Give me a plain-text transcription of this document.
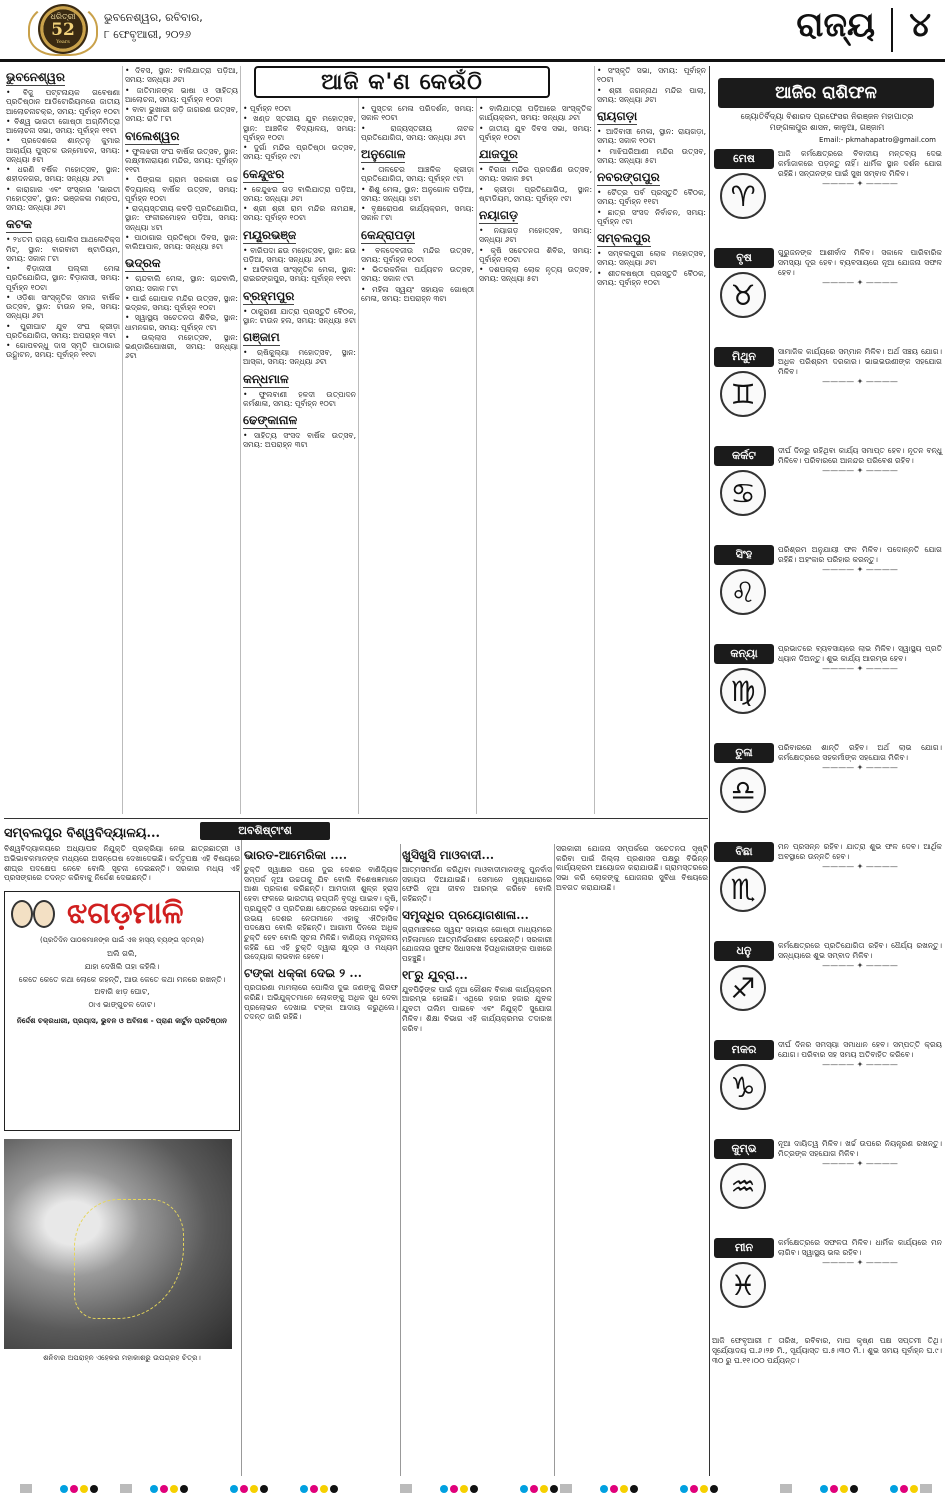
ଧରିତ୍ରୀ
52
Years
ଭୁବନେଶ୍ୱର, ରବିବାର,
୮ ଫେବୃଆରୀ, ୨୦୨୬	ରାଜ୍ୟ ୪
ଭୁବନେଶ୍ୱର
• ବିଜୁ ପଟ୍ଟନାୟକ ଗବେଷଣା ପ୍ରତିଷ୍ଠାନ ଆଡିଟୋରିୟମରେ ଜାତୀୟ ଆଲୋଚନାଚକ୍ର, ସମୟ: ପୂର୍ବାହ୍ନ ୧୦ଟା
• ବିଶ୍ୱ ଭାରତୀ ଗୋଷ୍ଠୀ ଅଗ୍ନିମିତ୍ରା ଆଲୋଚନା ସଭା, ସମୟ: ପୂର୍ବାହ୍ନ ୧୧ଟା
• ପ୍ରଦେଶରେ ଶାନ୍ତନୁ କୁମାର ଆଚାର୍ଯ୍ୟ ପୁସ୍ତକ ଉନ୍ମୋଚନ, ସମୟ: ସନ୍ଧ୍ୟା ୫ଟା
• ଧରଣି ବର୍ଷିକ ମହୋତ୍ସବ, ସ୍ଥାନ: ଶହୀଦନଗର, ସମୟ: ସନ୍ଧ୍ୟା ୬ଟା
• କାରାଗାର ଏବଂ ସଂସ୍କାର 'ଭାରତୀ ମହୋତ୍ସବ', ସ୍ଥାନ: ଭଞ୍ଜକଳା ମଣ୍ଡପ, ସମୟ: ସନ୍ଧ୍ୟା ୬ଟା
କଟକ
• ୨୪ତମ ରାଜ୍ୟ ପୋଲିସ ଆଥଲେଟିକ୍ସ ମିଟ୍, ସ୍ଥାନ: ବାରବାଟୀ ଷ୍ଟାଡିୟମ, ସମୟ: ସକାଳ ୮ଟା
• ବିଡ଼ାନାସୀ ପଲ୍ଲୀ ମେଳା ପ୍ରତିଯୋଗିତା, ସ୍ଥାନ: ବିଡ଼ାନାସୀ, ସମୟ: ପୂର୍ବାହ୍ନ ୧୦ଟା
• ଓଡ଼ିଶା ସାଂସ୍କୃତିକ ସମାଜ ବାର୍ଷିକ ଉତ୍ସବ, ସ୍ଥାନ: ଟାଉନ ହଲ, ସମୟ: ସନ୍ଧ୍ୟା ୬ଟା
• ପୁରୀଘାଟ ଯୁବ ସଂଘ କ୍ରୀଡ଼ା ପ୍ରତିଯୋଗିତା, ସମୟ: ଅପରାହ୍ନ ୩ଟା
• ଗୋପବନ୍ଧୁ ଦାସ ସ୍ମୃତି ପାଠାଗାର ଉଦ୍ଘାଟନ, ସମୟ: ପୂର୍ବାହ୍ନ ୧୧ଟା
• ଦିବସ, ସ୍ଥାନ: ବାଲିଯାତ୍ରା ପଡ଼ିଆ, ସମୟ: ସନ୍ଧ୍ୟା ୬ଟା
• ଜାତିମାନଙ୍କ ଭାଷା ଓ ସାହିତ୍ୟ ଆଲୋଚନା, ସମୟ: ପୂର୍ବାହ୍ନ ୧୦ଟା
• ବାବା ଭୁଖାରୀ ଗଡ଼ି ଜାଗରଣ ଉତ୍ସବ, ସମୟ: ରାତି ୮ଟା
ବାଲେଶ୍ୱର
• ଫୁଲଝରୀ ସଂଘ ବାର୍ଷିକ ଉତ୍ସବ, ସ୍ଥାନ: ଲକ୍ଷ୍ମୀନାରାୟଣ ମନ୍ଦିର, ସମୟ: ପୂର୍ବାହ୍ନ ୧୧ଟା
• ପିଙ୍ଗଳା ଗ୍ରାମ ସରକାରୀ ଉଚ୍ଚ ବିଦ୍ୟାଳୟ ବାର୍ଷିକ ଉତ୍ସବ, ସମୟ: ପୂର୍ବାହ୍ନ ୧୦ଟା
• ରାଜ୍ୟସ୍ତରୀୟ କବଡ଼ି ପ୍ରତିଯୋଗିତା, ସ୍ଥାନ: ଫକୀରମୋହନ ପଡ଼ିଆ, ସମୟ: ସନ୍ଧ୍ୟା ୪ଟା
• ପାଠାଗାର ପ୍ରତିଷ୍ଠା ଦିବସ, ସ୍ଥାନ: ବାଲିଆପାଳ, ସମୟ: ସନ୍ଧ୍ୟା ୫ଟା
ଭଦ୍ରକ
• ଚାନ୍ଦବାଲି ମେଳା, ସ୍ଥାନ: ଚାନ୍ଦବାଲି, ସମୟ: ସକାଳ ୮ଟା
• ପାଇଁ ଗୋପାଳ ମନ୍ଦିର ଉତ୍ସବ, ସ୍ଥାନ: ଭଦ୍ରକ, ସମୟ: ପୂର୍ବାହ୍ନ ୧୦ଟା
• ସ୍ୱାସ୍ଥ୍ୟ ସଚେତନତା ଶିବିର, ସ୍ଥାନ: ଧାମନଗର, ସମୟ: ପୂର୍ବାହ୍ନ ୯ଟା
• ଉଲ୍ଲାସ ମହୋତ୍ସବ, ସ୍ଥାନ: ଭଣ୍ଡାରିପୋଖରୀ, ସମୟ: ସନ୍ଧ୍ୟା ୬ଟା
• ପୂର୍ବାହ୍ନ ୧୦ଟା
• ଖଣ୍ଡ ସ୍ତରୀୟ ଯୁବ ମହୋତ୍ସବ, ସ୍ଥାନ: ଆଞ୍ଚଳିକ ବିଦ୍ୟାଳୟ, ସମୟ: ପୂର୍ବାହ୍ନ ୧୦ଟା
• ଦୁର୍ଗା ମନ୍ଦିର ପ୍ରତିଷ୍ଠା ଉତ୍ସବ, ସମୟ: ପୂର୍ବାହ୍ନ ୯ଟା
କେନ୍ଦୁଝର
• କେନ୍ଦୁଝର ଗଡ଼ ବାଲିଯାତ୍ରା ପଡ଼ିଆ, ସମୟ: ସନ୍ଧ୍ୟା ୬ଟା
• ଶ୍ରୀ ଶ୍ରୀ ରାମ ମନ୍ଦିର ନାମଯଜ୍ଞ, ସମୟ: ପୂର୍ବାହ୍ନ ୧୦ଟା
ମୟୂରଭଞ୍ଜ
• ବାରିପଦା ଛଉ ମହୋତ୍ସବ, ସ୍ଥାନ: ଛଉ ପଡ଼ିଆ, ସମୟ: ସନ୍ଧ୍ୟା ୬ଟା
• ଆଦିବାସୀ ସାଂସ୍କୃତିକ ମେଳା, ସ୍ଥାନ: ରାଇରଙ୍ଗପୁର, ସମୟ: ପୂର୍ବାହ୍ନ ୧୧ଟା
ବ୍ରହ୍ମପୁର
• ଠାକୁରାଣୀ ଯାତ୍ରା ପ୍ରସ୍ତୁତି ବୈଠକ, ସ୍ଥାନ: ଟାଉନ ହଲ, ସମୟ: ସନ୍ଧ୍ୟା ୫ଟା
ଗଞ୍ଜାମ
• ଋଷିକୁଲ୍ୟା ମହୋତ୍ସବ, ସ୍ଥାନ: ଆସ୍କା, ସମୟ: ସନ୍ଧ୍ୟା ୬ଟା
କନ୍ଧମାଳ
• ଫୁଲବାଣୀ ହଳଦୀ ଉତ୍ପାଦନ କର୍ମଶାଳା, ସମୟ: ପୂର୍ବାହ୍ନ ୧୦ଟା
ଢେଙ୍କାନାଳ
• ସାହିତ୍ୟ ସଂସଦ ବାର୍ଷିକ ଉତ୍ସବ, ସମୟ: ଅପରାହ୍ନ ୩ଟା
• ପୁସ୍ତକ ମେଳା ପରିଦର୍ଶନ, ସମୟ: ସକାଳ ୧୦ଟା
• ରାଜ୍ୟସ୍ତରୀୟ ନାଟକ ପ୍ରତିଯୋଗିତା, ସମୟ: ସନ୍ଧ୍ୟା ୬ଟା
ଅନୁଗୋଳ
• ତାଳଚେର ଆଞ୍ଚଳିକ କ୍ରୀଡ଼ା ପ୍ରତିଯୋଗିତା, ସମୟ: ପୂର୍ବାହ୍ନ ୯ଟା
• ଶିଶୁ ମେଳା, ସ୍ଥାନ: ଅନୁଗୋଳ ପଡ଼ିଆ, ସମୟ: ସନ୍ଧ୍ୟା ୪ଟା
• ବୃକ୍ଷରୋପଣ କାର୍ଯ୍ୟକ୍ରମ, ସମୟ: ସକାଳ ୮ଟା
କେନ୍ଦ୍ରାପଡ଼ା
• ବଳଦେବଜୀଉ ମନ୍ଦିର ଉତ୍ସବ, ସମୟ: ପୂର୍ବାହ୍ନ ୧୦ଟା
• ଭିତରକନିକା ପର୍ଯ୍ୟଟନ ଉତ୍ସବ, ସମୟ: ସକାଳ ୯ଟା
• ମହିଳା ସ୍ୱୟଂ ସହାୟକ ଗୋଷ୍ଠୀ ମେଳା, ସମୟ: ଅପରାହ୍ନ ୩ଟା
• ବାଲିଯାତ୍ରା ପଡ଼ିଆରେ ସାଂସ୍କୃତିକ କାର୍ଯ୍ୟକ୍ରମ, ସମୟ: ସନ୍ଧ୍ୟା ୬ଟା
• ଜାତୀୟ ଯୁବ ଦିବସ ସଭା, ସମୟ: ପୂର୍ବାହ୍ନ ୧୦ଟା
ଯାଜପୁର
• ବିରଜା ମନ୍ଦିର ପ୍ରଦକ୍ଷିଣ ଉତ୍ସବ, ସମୟ: ସକାଳ ୭ଟା
• କ୍ରୀଡ଼ା ପ୍ରତିଯୋଗିତା, ସ୍ଥାନ: ଷ୍ଟାଡିୟମ, ସମୟ: ପୂର୍ବାହ୍ନ ୯ଟା
ନୟାଗଡ଼
• ନୟାଗଡ଼ ମହୋତ୍ସବ, ସମୟ: ସନ୍ଧ୍ୟା ୬ଟା
• କୃଷି ସଚେତନତା ଶିବିର, ସମୟ: ପୂର୍ବାହ୍ନ ୧୦ଟା
• ଦଶପଲ୍ଲା ଲୋକ ନୃତ୍ୟ ଉତ୍ସବ, ସମୟ: ସନ୍ଧ୍ୟା ୫ଟା
• ସଂସ୍କୃତି ସଭା, ସମୟ: ପୂର୍ବାହ୍ନ ୧୦ଟା
• ଶ୍ରୀ ଜଗନ୍ନାଥ ମନ୍ଦିର ପାଲା, ସମୟ: ସନ୍ଧ୍ୟା ୬ଟା
ରାୟଗଡ଼ା
• ଆଦିବାସୀ ମେଳା, ସ୍ଥାନ: ରାୟଗଡ଼ା, ସମୟ: ସକାଳ ୧୦ଟା
• ମାଝିଘରିଆଣୀ ମନ୍ଦିର ଉତ୍ସବ, ସମୟ: ସନ୍ଧ୍ୟା ୫ଟା
ନବରଙ୍ଗପୁର
• ଚୈତ୍ର ପର୍ବ ପ୍ରସ୍ତୁତି ବୈଠକ, ସମୟ: ପୂର୍ବାହ୍ନ ୧୧ଟା
• ଛାତ୍ର ସଂସଦ ନିର୍ବାଚନ, ସମୟ: ପୂର୍ବାହ୍ନ ୯ଟା
ସମ୍ବଲପୁର
• ସମ୍ବଲପୁରୀ ଲୋକ ମହୋତ୍ସବ, ସମୟ: ସନ୍ଧ୍ୟା ୬ଟା
• ଶୀତଳଷଷ୍ଠୀ ପ୍ରସ୍ତୁତି ବୈଠକ, ସମୟ: ପୂର୍ବାହ୍ନ ୧୦ଟା
ଆଜି କ'ଣ କେଉଁଠି	ଆଜିର ରାଶିଫଳ
ଜ୍ୟୋତିର୍ବିଦ୍ୟା ବିଶାରଦ ପ୍ରଫେସର ନିରଞ୍ଜନ ମହାପାତ୍ର
ମଙ୍ଗଳାପୁର ଶାସନ, କାଳୁଆ, ଗଞ୍ଜାମ
Email:- pkmahapatro@gmail.com
ମେଷ
♈
ଆଜି କର୍ମକ୍ଷେତ୍ରରେ ବିବାଦୀୟ ମନ୍ତବ୍ୟ ଦେଇ କର୍ମାଜାଳରେ ପଡ଼ନ୍ତୁ ନାହିଁ। ଧାର୍ମିକ ସ୍ଥାନ ଦର୍ଶନ ଯୋଗ ରହିଛି। ସନ୍ତାନଙ୍କ ପାଇଁ ସୁଖ ସମ୍ବାଦ ମିଳିବ।
———— ✦ ————
ବୃଷ
♉
ଗୁରୁଜନଙ୍କ ଆଶୀର୍ବାଦ ମିଳିବ। ସକାଳେ ପାରିବାରିକ ସମସ୍ୟା ଦୂର ହେବ। ବ୍ୟବସାୟରେ ନୂଆ ଯୋଜନା ସଫଳ ହେବ।
———— ✦ ————
ମିଥୁନ
♊
ସାମାଜିକ କାର୍ଯ୍ୟରେ ସମ୍ମାନ ମିଳିବ। ଅର୍ଥ ସଞ୍ଚୟ ଯୋଗ। ଅଧିକ ପରିଶ୍ରମ ଦରକାର। ଭାଇଭଉଣୀଙ୍କ ସହଯୋଗ ମିଳିବ।
———— ✦ ————
କର୍କଟ
♋
ଦୀର୍ଘ ଦିନରୁ ରହିଥିବା କାର୍ଯ୍ୟ ସମାପ୍ତ ହେବ। ନୂତନ ବନ୍ଧୁ ମିଳିବେ। ପରିବାରରେ ଆନନ୍ଦର ପରିବେଶ ରହିବ।
———— ✦ ————
ସିଂହ
♌
ପରିଶ୍ରମ ଅନୁଯାୟୀ ଫଳ ମିଳିବ। ପଦୋନ୍ନତି ଯୋଗ ରହିଛି। ଅହଂକାର ପରିହାର କରନ୍ତୁ।
———— ✦ ————
କନ୍ୟା
♍
ପ୍ରଭାତରେ ବ୍ୟବସାୟରେ ଲାଭ ମିଳିବ। ସ୍ୱାସ୍ଥ୍ୟ ପ୍ରତି ଧ୍ୟାନ ଦିଅନ୍ତୁ। ଶୁଭ କାର୍ଯ୍ୟ ଆରମ୍ଭ ହେବ।
———— ✦ ————
ତୁଳା
♎
ପରିବାରରେ ଶାନ୍ତି ରହିବ। ଅର୍ଥ ଲାଭ ଯୋଗ। କର୍ମକ୍ଷେତ୍ରରେ ସହକର୍ମୀଙ୍କ ସହଯୋଗ ମିଳିବ।
———— ✦ ————
ବିଛା
♏
ମନ ପ୍ରସନ୍ନ ରହିବ। ଯାତ୍ରା ଶୁଭ ଫଳ ଦେବ। ଆର୍ଥିକ ଅବସ୍ଥାରେ ଉନ୍ନତି ହେବ।
———— ✦ ————
ଧନୁ
♐
କର୍ମକ୍ଷେତ୍ରରେ ପ୍ରତିଯୋଗିତା ରହିବ। ଧୈର୍ଯ୍ୟ ରଖନ୍ତୁ। ସନ୍ଧ୍ୟାରେ ଶୁଭ ସମ୍ବାଦ ମିଳିବ।
———— ✦ ————
ମକର
♑
ଦୀର୍ଘ ଦିନର ସମସ୍ୟା ସମାଧାନ ହେବ। ସମ୍ପତ୍ତି କ୍ରୟ ଯୋଗ। ପରିବାର ସହ ସମୟ ଅତିବାହିତ କରିବେ।
———— ✦ ————
କୁମ୍ଭ
♒
ନୂଆ ଦାୟିତ୍ୱ ମିଳିବ। ଖର୍ଚ୍ଚ ଉପରେ ନିୟନ୍ତ୍ରଣ ରଖନ୍ତୁ। ମିତ୍ରଙ୍କ ସହଯୋଗ ମିଳିବ।
———— ✦ ————
ମୀନ
♓
କର୍ମକ୍ଷେତ୍ରରେ ସଫଳତା ମିଳିବ। ଧାର୍ମିକ କାର୍ଯ୍ୟରେ ମନ ଲାଗିବ। ସ୍ୱାସ୍ଥ୍ୟ ଭଲ ରହିବ।
———— ✦ ————
ଆଜି ଫେବୃଆରୀ ୮ ତାରିଖ, ରବିବାର, ମାଘ କୃଷ୍ଣ ପକ୍ଷ ସପ୍ତମୀ ତିଥି। ସୂର୍ଯ୍ୟୋଦୟ ଘ.୬।୨୭ ମି., ସୂର୍ଯ୍ୟାସ୍ତ ଘ.୫।୩୦ ମି.। ଶୁଭ ସମୟ ପୂର୍ବାହ୍ନ ଘ.୯।୩୦ ରୁ ଘ.୧୧।୦୦ ପର୍ଯ୍ୟନ୍ତ।
ସମ୍ବଲପୁର ବିଶ୍ୱବିଦ୍ୟାଳୟ...
ବିଶ୍ୱବିଦ୍ୟାଳୟରେ ଅଧ୍ୟାପକ ନିଯୁକ୍ତି ପ୍ରକ୍ରିୟା ନେଇ ଛାତ୍ରଛାତ୍ରୀ ଓ ଅଭିଭାବକମାନଙ୍କ ମଧ୍ୟରେ ଅସନ୍ତୋଷ ଦେଖାଦେଇଛି। କର୍ତ୍ତୃପକ୍ଷ ଏହି ବିଷୟରେ ଶୀଘ୍ର ପଦକ୍ଷେପ ନେବେ ବୋଲି ସୂଚନା ଦେଇଛନ୍ତି। ସରକାର ମଧ୍ୟ ଏହି ପ୍ରସଙ୍ଗରେ ତଦନ୍ତ କରିବାକୁ ନିର୍ଦ୍ଦେଶ ଦେଇଛନ୍ତି।
ଝଗଡ଼ମାଳି
(ପ୍ରତିଦିନ ପାଠକମାନଙ୍କ ପାଇଁ ଏକ ହାସ୍ୟ ବ୍ୟଙ୍ଗ ସ୍ତମ୍ଭ)
ଅଲି ଗଲି,
ଯାହା ଦେଖିଲି ତାହା କହିଲି।
କେତେ କେତେ କଥା ଲୋକେ କହନ୍ତି, ଆଉ କେତେ କଥା ମନରେ ରଖନ୍ତି।
ଅବାଗି ଝାଡ଼ ଘୋଟ,
ଠାଏ ଭାଙ୍ଗୁଚଳ ଦୋଟ।
ନିର୍ଦ୍ଦେଶ ଚକ୍ରଧାରୀ, ପ୍ରୟାସ, ଭୁବନ ଓ ଅବିନାଶ - ପ୍ରାଣ କାର୍ଟୁନ ପ୍ରତିଷ୍ଠାନ
ଶନିବାର ଅପରାହ୍ନ ଏହେକର ମହାକାଶରୁ ଉପଗ୍ରହ ଚିତ୍ର।
ଅବଶିଷ୍ଟାଂଶ
ଭାରତ-ଆମେରିକା ....
ଚୁକ୍ତି ସ୍ୱାକ୍ଷର ପରେ ଦୁଇ ଦେଶର ବାଣିଜ୍ୟିକ ସମ୍ପର୍କ ନୂଆ ଉଚ୍ଚତାକୁ ଯିବ ବୋଲି ବିଶେଷଜ୍ଞମାନେ ଆଶା ପ୍ରକାଶ କରିଛନ୍ତି। ଆମଦାନୀ ଶୁଳ୍କ ହ୍ରାସ ହେବା ଫଳରେ ଭାରତୀୟ ରପ୍ତାନି ବୃଦ୍ଧି ପାଇବ। କୃଷି, ପ୍ରଯୁକ୍ତି ଓ ପ୍ରତିରକ୍ଷା କ୍ଷେତ୍ରରେ ସହଯୋଗ ବଢ଼ିବ। ଉଭୟ ଦେଶର ନେତାମାନେ ଏହାକୁ ଐତିହାସିକ ପଦକ୍ଷେପ ବୋଲି କହିଛନ୍ତି। ଆଗାମୀ ଦିନରେ ଅଧିକ ଚୁକ୍ତି ହେବ ବୋଲି ସୂଚନା ମିଳିଛି। ବାଣିଜ୍ୟ ମନ୍ତ୍ରାଳୟ କହିଛି ଯେ ଏହି ଚୁକ୍ତି ଦ୍ୱାରା କ୍ଷୁଦ୍ର ଓ ମଧ୍ୟମ ଉଦ୍ୟୋଗ ଲାଭବାନ ହେବେ।
ଟଙ୍କା ଧକ୍କା ଦେଇ ୨ ...
ପ୍ରତାରଣା ମାମଲାରେ ପୋଲିସ ଦୁଇ ଜଣଙ୍କୁ ଗିରଫ କରିଛି। ଅଭିଯୁକ୍ତମାନେ ଲୋକଙ୍କୁ ଅଧିକ ସୁଧ ଦେବା ପ୍ରଲୋଭନ ଦେଖାଇ ଟଙ୍କା ଆଦାୟ କରୁଥିଲେ। ତଦନ୍ତ ଜାରି ରହିଛି।
ଖୁସିଖୁସି ମାଓବାଦୀ...
ଆତ୍ମସମର୍ପଣ କରିଥିବା ମାଓବାଦୀମାନଙ୍କୁ ପୁନର୍ବାସ ସହାୟତା ଦିଆଯାଇଛି। ସେମାନେ ମୁଖ୍ୟଧାରାରେ ଫେରି ନୂଆ ଜୀବନ ଆରମ୍ଭ କରିବେ ବୋଲି କହିଛନ୍ତି।
ସମୃଦ୍ଧିର ପ୍ରୟୋଗଶାଳା...
ଗ୍ରାମାଞ୍ଚଳରେ ସ୍ୱୟଂ ସହାୟକ ଗୋଷ୍ଠୀ ମାଧ୍ୟମରେ ମହିଳାମାନେ ଆତ୍ମନିର୍ଭରଶୀଳ ହେଉଛନ୍ତି। ସରକାରୀ ଯୋଜନାର ସୁଫଳ ସିଧାସଳଖ ହିତାଧିକାରୀଙ୍କ ପାଖରେ ପହଞ୍ଚୁଛି।
୧୮ରୁ ଯୁବ୍ରା...
ଯୁବପିଢ଼ିଙ୍କ ପାଇଁ ନୂଆ କୌଶଳ ବିକାଶ କାର୍ଯ୍ୟକ୍ରମ ଆରମ୍ଭ ହୋଇଛି। ଏଥିରେ ହଜାର ହଜାର ଯୁବକ ଯୁବତୀ ତାଲିମ ପାଇବେ ଏବଂ ନିଯୁକ୍ତି ସୁଯୋଗ ମିଳିବ। ଶିକ୍ଷା ବିଭାଗ ଏହି କାର୍ଯ୍ୟକ୍ରମର ତଦାରଖ କରିବ।
ସରକାରୀ ଯୋଜନା ସମ୍ପର୍କରେ ସଚେତନତା ସୃଷ୍ଟି କରିବା ପାଇଁ ଜିଲ୍ଲା ପ୍ରଶାସନ ପକ୍ଷରୁ ବିଭିନ୍ନ କାର୍ଯ୍ୟକ୍ରମ ଆୟୋଜନ କରାଯାଉଛି। ଗ୍ରାମସ୍ତରରେ ସଭା କରି ଲୋକଙ୍କୁ ଯୋଜନାର ସୁବିଧା ବିଷୟରେ ଅବଗତ କରାଯାଉଛି।
